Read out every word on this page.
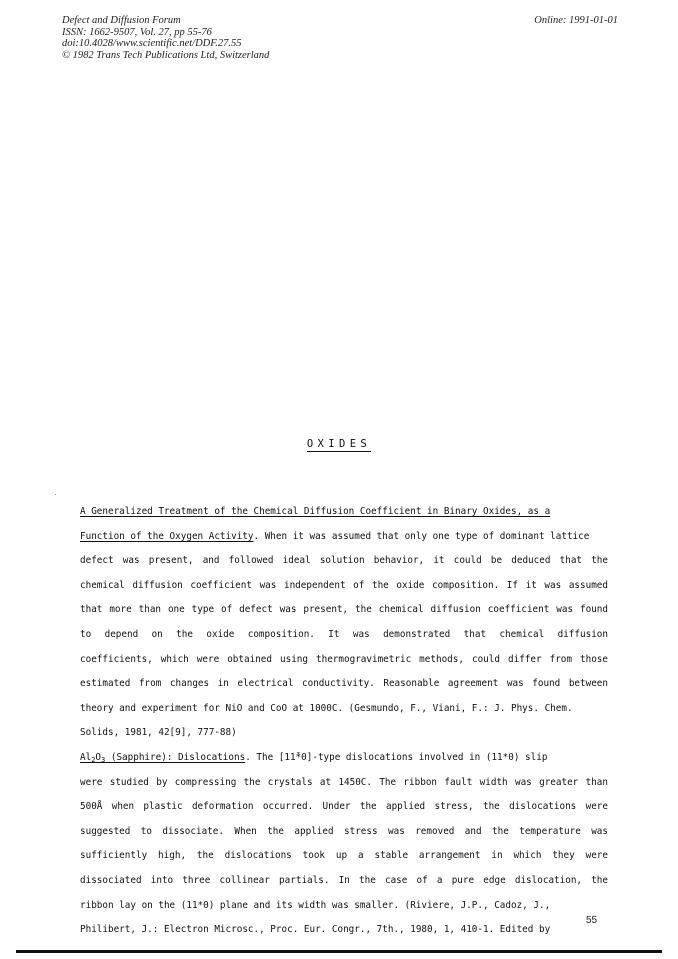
Defect and Diffusion Forum
ISSN: 1662-9507, Vol. 27, pp 55-76
doi:10.4028/www.scientific.net/DDF.27.55
© 1982 Trans Tech Publications Ltd, Switzerland
Online: 1991-01-01
OXIDES
A Generalized Treatment of the Chemical Diffusion Coefficient in Binary Oxides, as a
Function of the Oxygen Activity. When it was assumed that only one type of dominant lattice
defect was present, and followed ideal solution behavior, it could be deduced that the
chemical diffusion coefficient was independent of the oxide composition. If it was assumed
that more than one type of defect was present, the chemical diffusion coefficient was found
to depend on the oxide composition. It was demonstrated that chemical diffusion
coefficients, which were obtained using thermogravimetric methods, could differ from those
estimated from changes in electrical conductivity. Reasonable agreement was found between
theory and experiment for NiO and CoO at 1000C. (Gesmundo, F., Viani, F.: J. Phys. Chem.
Solids, 1981, 42[9], 777-88)
$Al_2O_3$ (Sapphire): Dislocations. The [11̄*0]-type dislocations involved in (11*0) slip
were studied by compressing the crystals at 1450C. The ribbon fault width was greater than
500Å when plastic deformation occurred. Under the applied stress, the dislocations were
suggested to dissociate. When the applied stress was removed and the temperature was
sufficiently high, the dislocations took up a stable arrangement in which they were
dissociated into three collinear partials. In the case of a pure edge dislocation, the
ribbon lay on the (11*0) plane and its width was smaller. (Riviere, J.P., Cadoz, J.,
Philibert, J.: Electron Microsc., Proc. Eur. Congr., 7th., 1980, 1, 410-1. Edited by
55
